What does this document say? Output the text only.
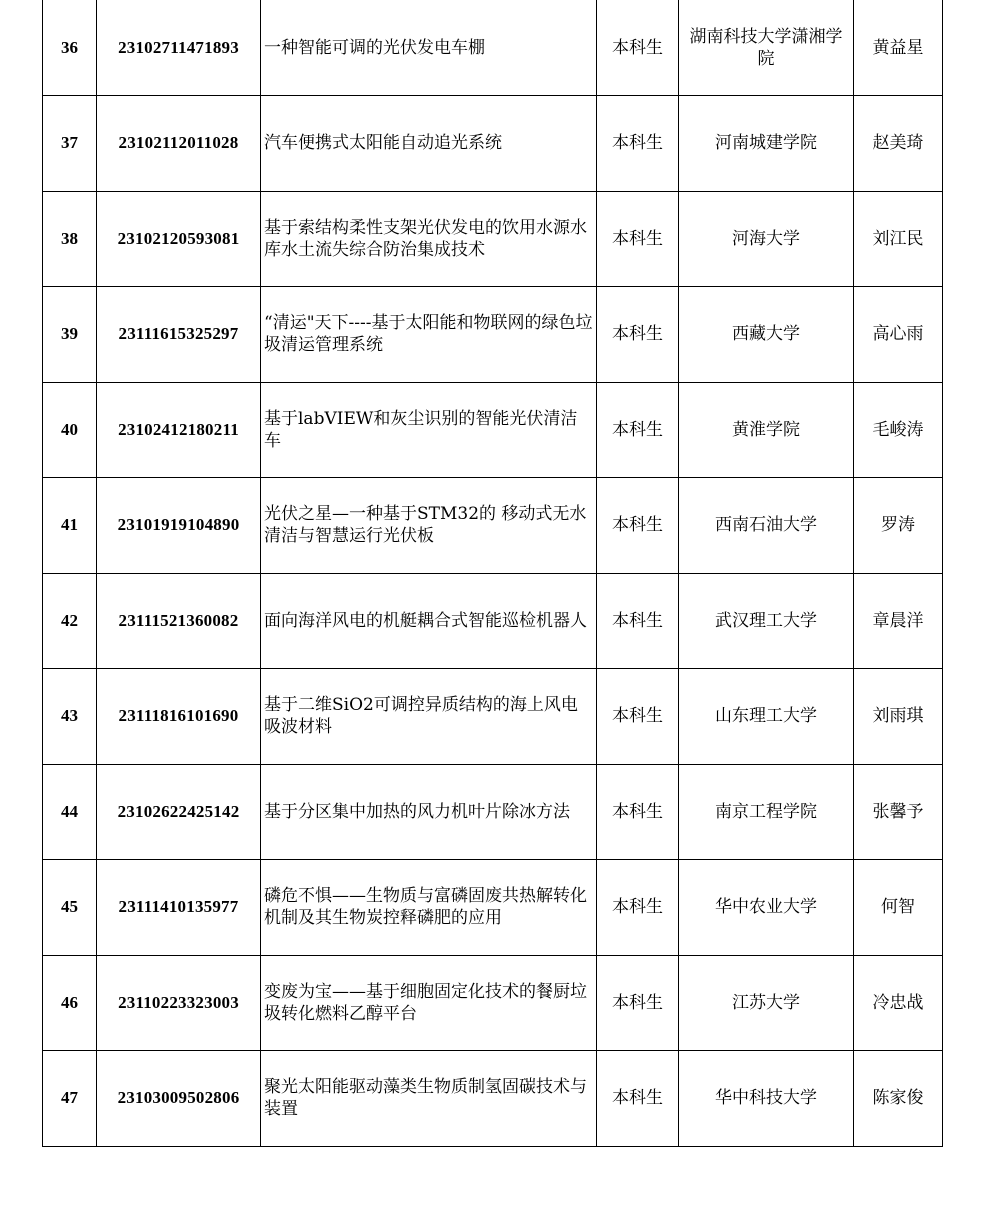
36	23102711471893	一种智能可调的光伏发电车棚	本科生	湖南科技大学潇湘学院	黄益星
37	23102112011028	汽车便携式太阳能自动追光系统	本科生	河南城建学院	赵美琦
38	23102120593081	基于索结构柔性支架光伏发电的饮用水源水库水土流失综合防治集成技术	本科生	河海大学	刘江民
39	23111615325297	“清运"天下----基于太阳能和物联网的绿色垃圾清运管理系统	本科生	西藏大学	高心雨
40	23102412180211	基于labVIEW和灰尘识别的智能光伏清洁车	本科生	黄淮学院	毛峻涛
41	23101919104890	光伏之星—一种基于STM32的 移动式无水清洁与智慧运行光伏板	本科生	西南石油大学	罗涛
42	23111521360082	面向海洋风电的机艇耦合式智能巡检机器人	本科生	武汉理工大学	章晨洋
43	23111816101690	基于二维SiO2可调控异质结构的海上风电吸波材料	本科生	山东理工大学	刘雨琪
44	23102622425142	基于分区集中加热的风力机叶片除冰方法	本科生	南京工程学院	张馨予
45	23111410135977	磷危不惧——生物质与富磷固废共热解转化机制及其生物炭控释磷肥的应用	本科生	华中农业大学	何智
46	23110223323003	变废为宝——基于细胞固定化技术的餐厨垃圾转化燃料乙醇平台	本科生	江苏大学	冷忠战
47	23103009502806	聚光太阳能驱动藻类生物质制氢固碳技术与装置	本科生	华中科技大学	陈家俊
